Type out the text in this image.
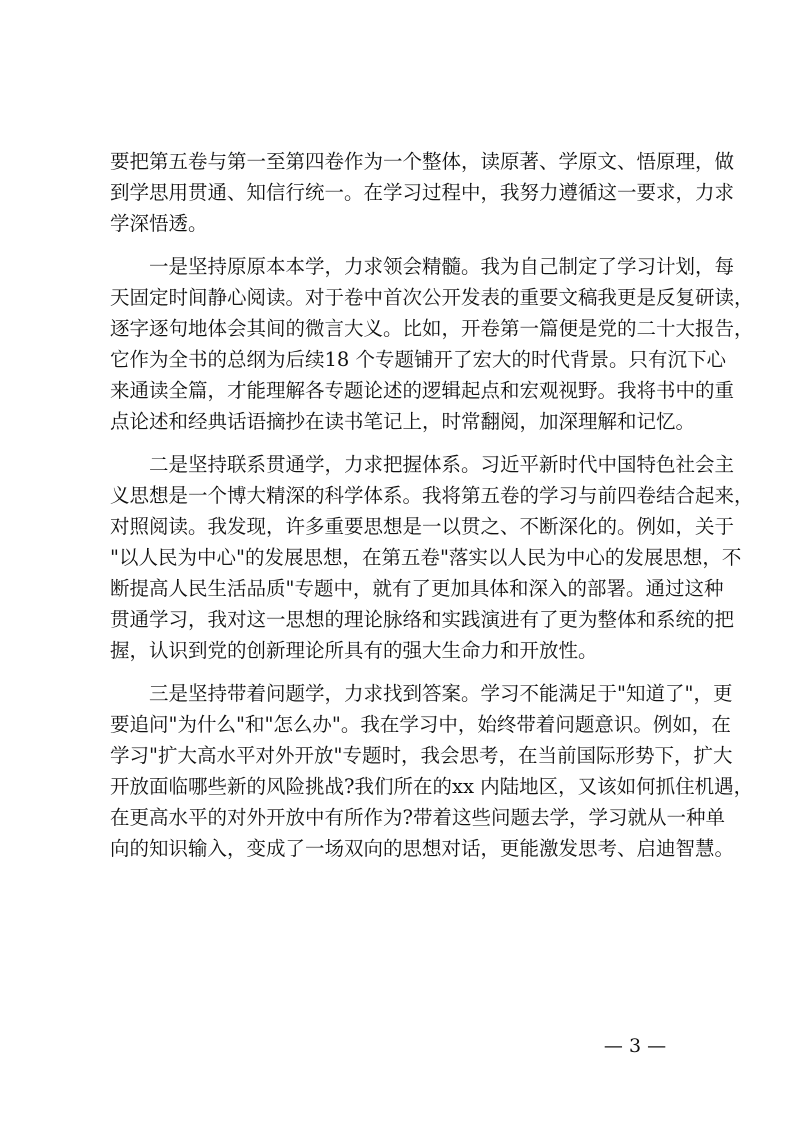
要把第五卷与第一至第四卷作为一个整体，读原著、学原文、悟原理，做
到学思用贯通、知信行统一。在学习过程中，我努力遵循这一要求，力求
学深悟透。

一是坚持原原本本学，力求领会精髓。我为自己制定了学习计划，每
天固定时间静心阅读。对于卷中首次公开发表的重要文稿我更是反复研读，
逐字逐句地体会其间的微言大义。比如，开卷第一篇便是党的二十大报告，
它作为全书的总纲为后续18 个专题铺开了宏大的时代背景。只有沉下心
来通读全篇，才能理解各专题论述的逻辑起点和宏观视野。我将书中的重
点论述和经典话语摘抄在读书笔记上，时常翻阅，加深理解和记忆。

二是坚持联系贯通学，力求把握体系。习近平新时代中国特色社会主
义思想是一个博大精深的科学体系。我将第五卷的学习与前四卷结合起来，
对照阅读。我发现，许多重要思想是一以贯之、不断深化的。例如，关于
"以人民为中心"的发展思想，在第五卷"落实以人民为中心的发展思想，不
断提高人民生活品质"专题中，就有了更加具体和深入的部署。通过这种
贯通学习，我对这一思想的理论脉络和实践演进有了更为整体和系统的把
握，认识到党的创新理论所具有的强大生命力和开放性。

三是坚持带着问题学，力求找到答案。学习不能满足于"知道了"，更
要追问"为什么"和"怎么办"。我在学习中，始终带着问题意识。例如，在
学习"扩大高水平对外开放"专题时，我会思考，在当前国际形势下，扩大
开放面临哪些新的风险挑战?我们所在的xx 内陆地区，又该如何抓住机遇，
在更高水平的对外开放中有所作为?带着这些问题去学，学习就从一种单
向的知识输入，变成了一场双向的思想对话，更能激发思考、启迪智慧。

— 3 —
